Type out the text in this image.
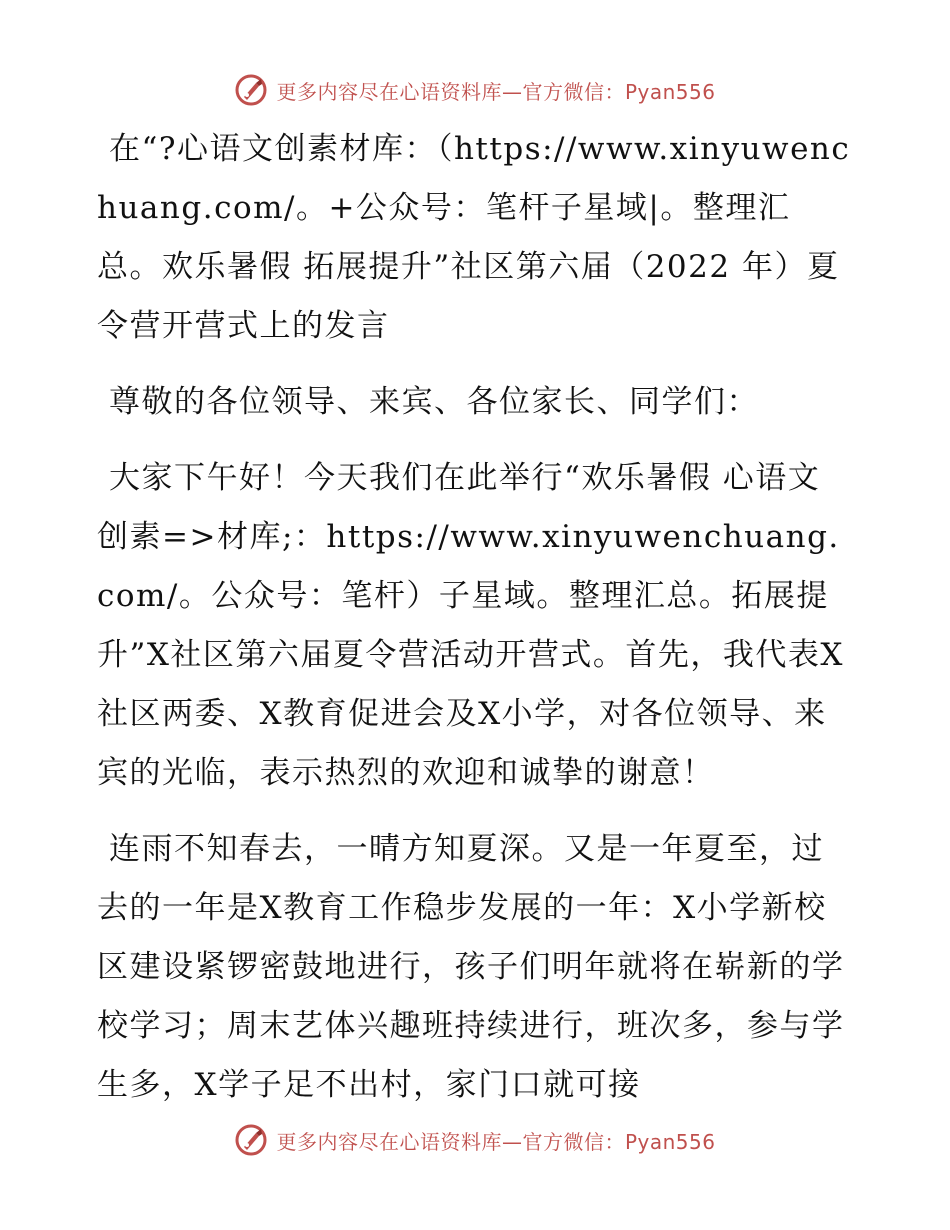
更多内容尽在心语资料库—官方微信：Pyan556

在“?心语文创素材库：（https://www.xinyuwenchuang.com/。+公众号：笔杆子星域|。整理汇总。欢乐暑假 拓展提升”社区第六届（2022 年）夏令营开营式上的发言

尊敬的各位领导、来宾、各位家长、同学们：

大家下午好！今天我们在此举行“欢乐暑假 心语文创素=>材库;：https://www.xinyuwenchuang.com/。公众号：笔杆）子星域。整理汇总。拓展提升”X社区第六届夏令营活动开营式。首先，我代表X社区两委、X教育促进会及X小学，对各位领导、来宾的光临，表示热烈的欢迎和诚挚的谢意！

连雨不知春去，一晴方知夏深。又是一年夏至，过去的一年是X教育工作稳步发展的一年：X小学新校区建设紧锣密鼓地进行，孩子们明年就将在崭新的学校学习；周末艺体兴趣班持续进行，班次多，参与学生多，X学子足不出村，家门口就可接

更多内容尽在心语资料库—官方微信：Pyan556
